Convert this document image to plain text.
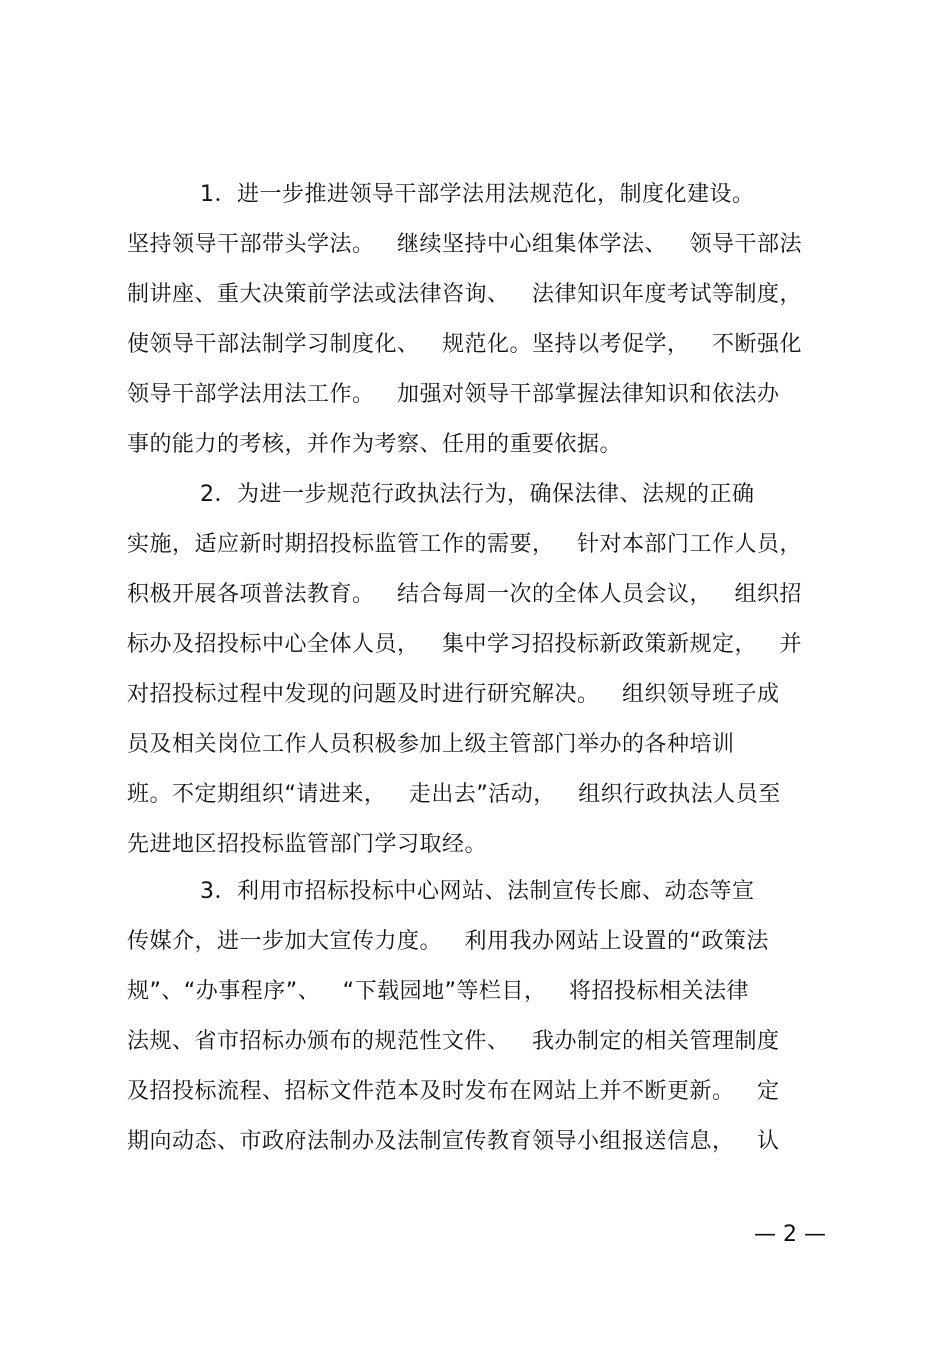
1．进一步推进领导干部学法用法规范化，制度化建设。
坚持领导干部带头学法。   继续坚持中心组集体学法、   领导干部法
制讲座、重大决策前学法或法律咨询、   法律知识年度考试等制度，
使领导干部法制学习制度化、   规范化。坚持以考促学，   不断强化
领导干部学法用法工作。   加强对领导干部掌握法律知识和依法办
事的能力的考核，并作为考察、任用的重要依据。
2．为进一步规范行政执法行为，确保法律、法规的正确
实施，适应新时期招投标监管工作的需要，   针对本部门工作人员，
积极开展各项普法教育。   结合每周一次的全体人员会议，   组织招
标办及招投标中心全体人员，   集中学习招投标新政策新规定，   并
对招投标过程中发现的问题及时进行研究解决。   组织领导班子成
员及相关岗位工作人员积极参加上级主管部门举办的各种培训
班。不定期组织“请进来，   走出去”活动，   组织行政执法人员至
先进地区招投标监管部门学习取经。
3．利用市招标投标中心网站、法制宣传长廊、动态等宣
传媒介，进一步加大宣传力度。   利用我办网站上设置的“政策法
规”、“办事程序”、   “下载园地”等栏目，   将招投标相关法律
法规、省市招标办颁布的规范性文件、   我办制定的相关管理制度
及招投标流程、招标文件范本及时发布在网站上并不断更新。   定
期向动态、市政府法制办及法制宣传教育领导小组报送信息，   认
— 2 —
